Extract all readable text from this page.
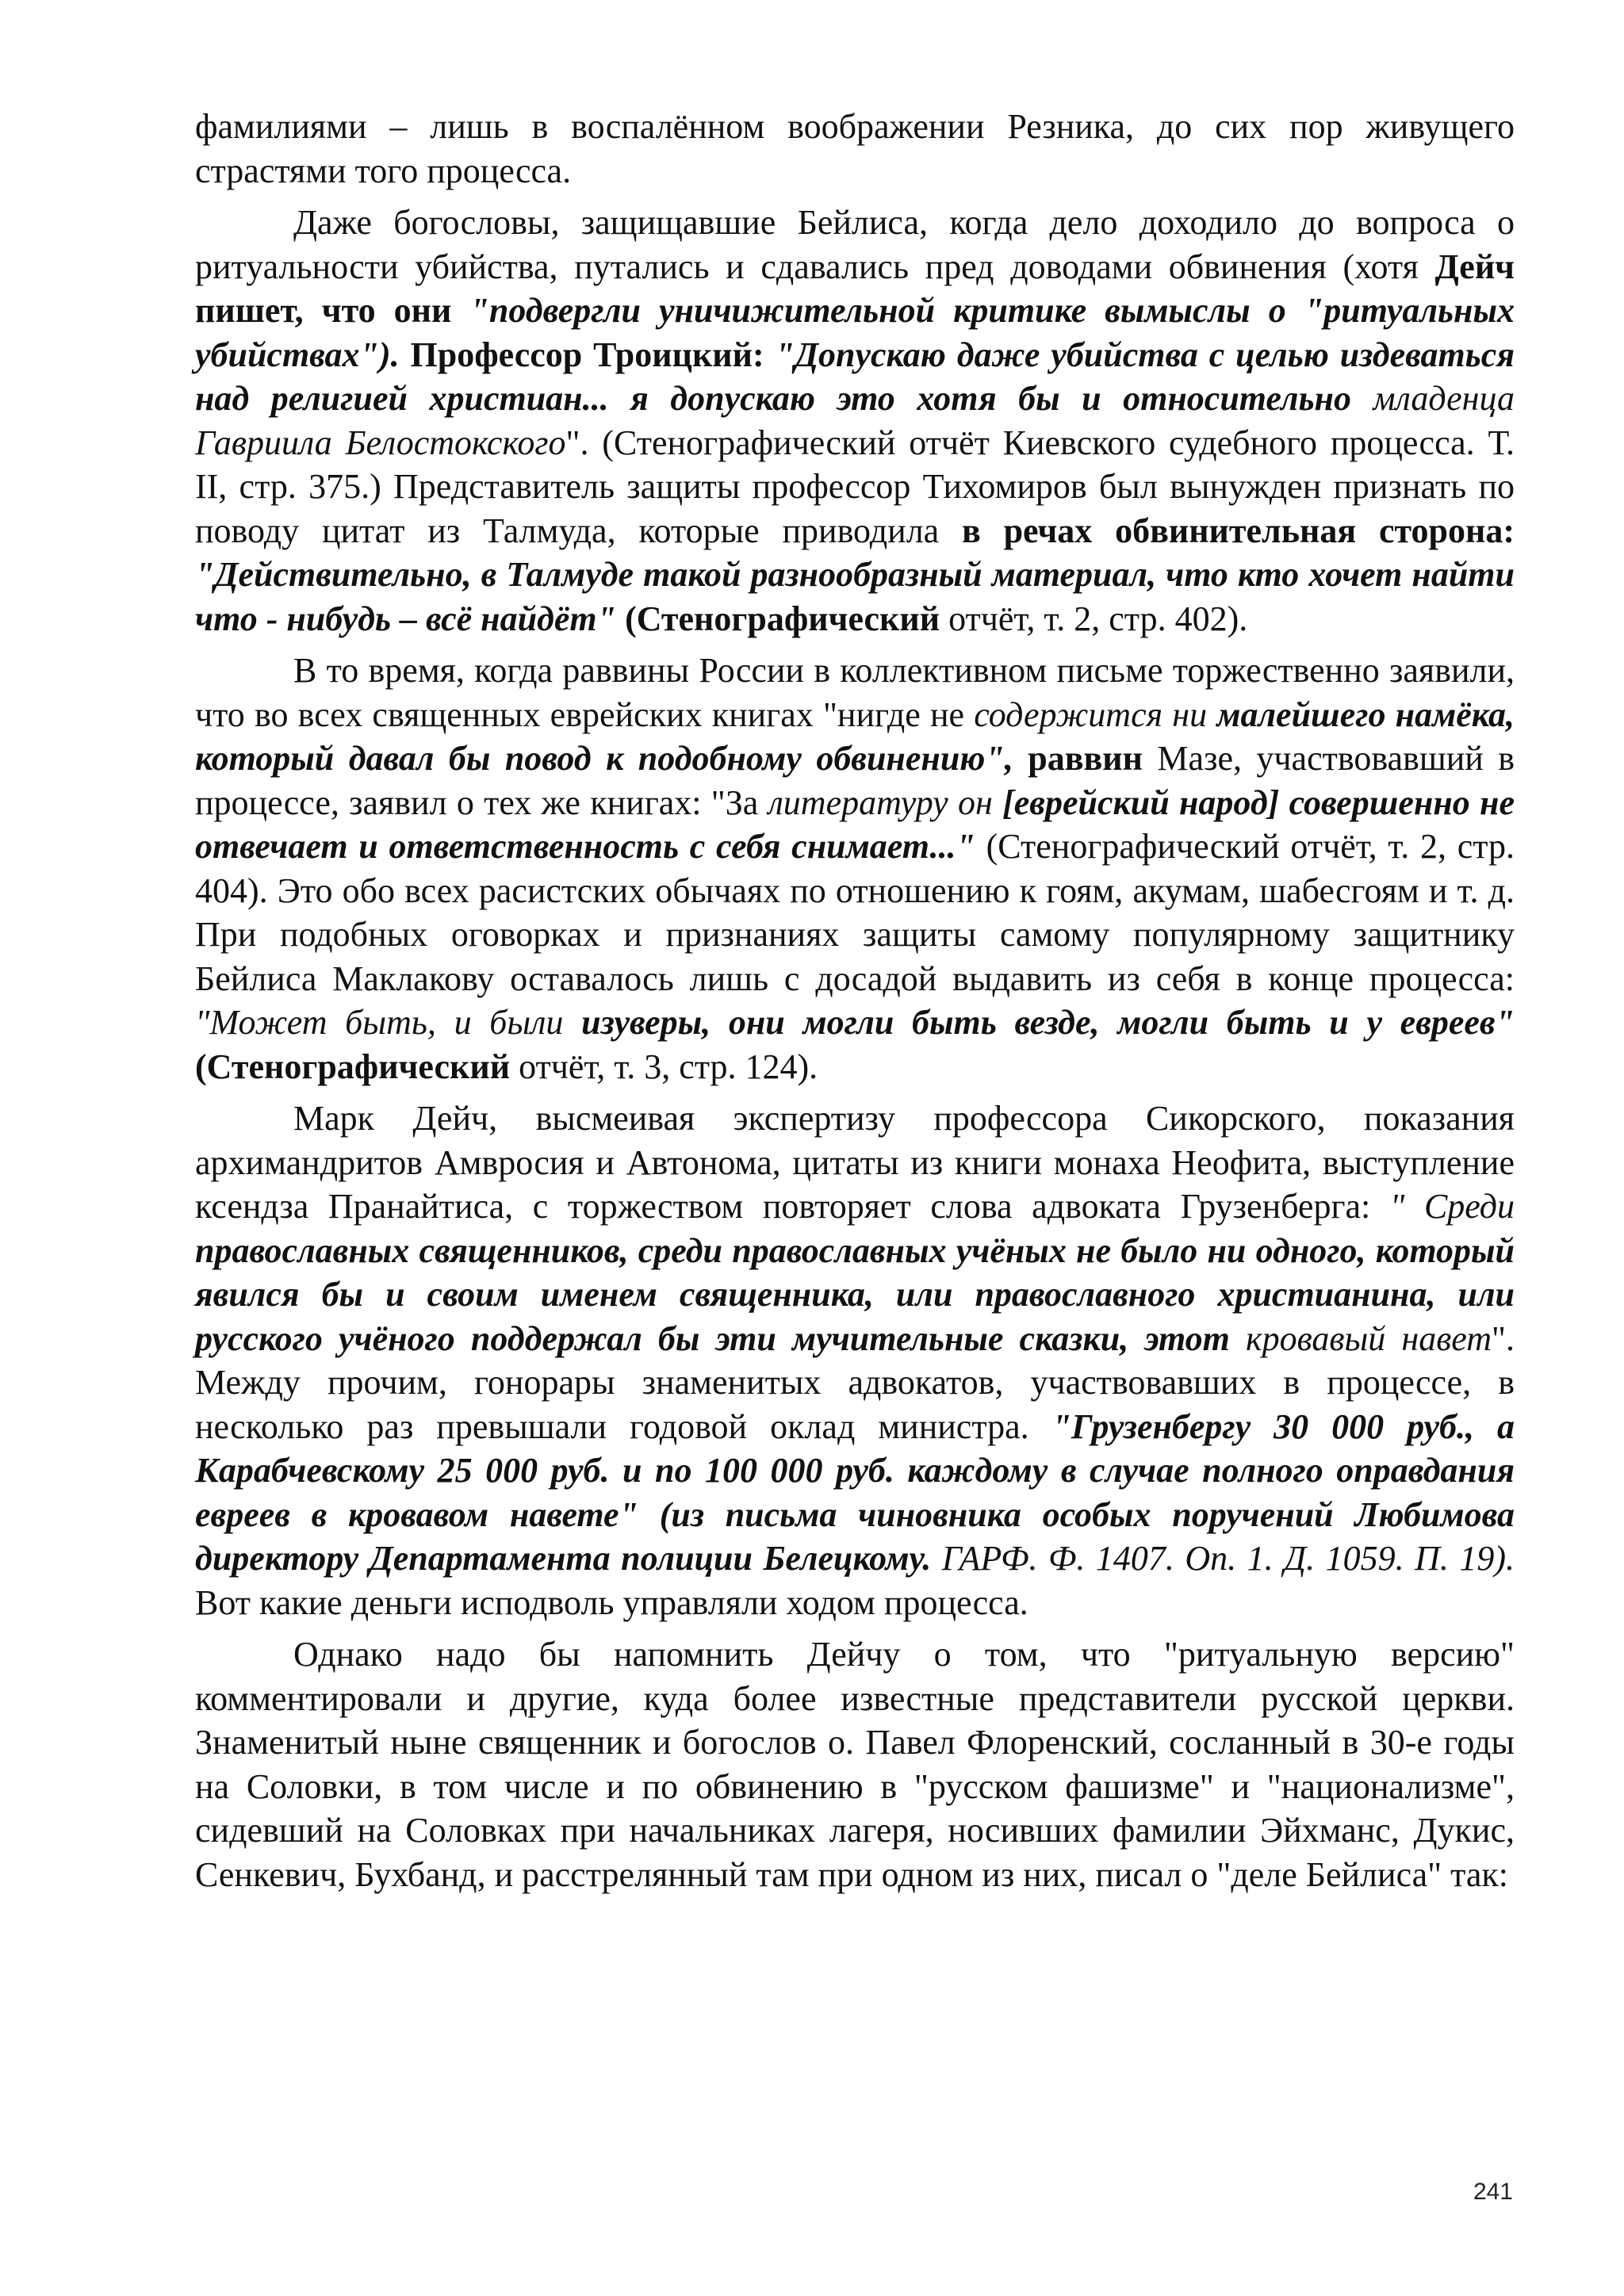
фамилиями – лишь в воспалённом воображении Резника, до сих пор живущего страстями того процесса.

Даже богословы, защищавшие Бейлиса, когда дело доходило до вопроса о ритуальности убийства, путались и сдавались пред доводами обвинения (хотя Дейч пишет, что они "подвергли уничижительной критике вымыслы о "ритуальных убийствах"). Профессор Троицкий: "Допускаю даже убийства с целью издеваться над религией христиан... я допускаю это хотя бы и относительно младенца Гавриила Белостокского". (Стенографический отчёт Киевского судебного процесса. Т. II, стр. 375.) Представитель защиты профессор Тихомиров был вынужден признать по поводу цитат из Талмуда, которые приводила в речах обвинительная сторона: "Действительно, в Талмуде такой разнообразный материал, что кто хочет найти что - нибудь – всё найдёт" (Стенографический отчёт, т. 2, стр. 402).

В то время, когда раввины России в коллективном письме торжественно заявили, что во всех священных еврейских книгах "нигде не содержится ни малейшего намёка, который давал бы повод к подобному обвинению", раввин Мазе, участвовавший в процессе, заявил о тех же книгах: "За литературу он [еврейский народ] совершенно не отвечает и ответственность с себя снимает..." (Стенографический отчёт, т. 2, стр. 404). Это обо всех расистских обычаях по отношению к гоям, акумам, шабесгоям и т. д. При подобных оговорках и признаниях защиты самому популярному защитнику Бейлиса Маклакову оставалось лишь с досадой выдавить из себя в конце процесса: "Может быть, и были изуверы, они могли быть везде, могли быть и у евреев" (Стенографический отчёт, т. 3, стр. 124).

Марк Дейч, высмеивая экспертизу профессора Сикорского, показания архимандритов Амвросия и Автонома, цитаты из книги монаха Неофита, выступление ксендза Пранайтиса, с торжеством повторяет слова адвоката Грузенберга: " Среди православных священников, среди православных учёных не было ни одного, который явился бы и своим именем священника, или православного христианина, или русского учёного поддержал бы эти мучительные сказки, этот кровавый навет". Между прочим, гонорары знаменитых адвокатов, участвовавших в процессе, в несколько раз превышали годовой оклад министра. "Грузенбергу 30 000 руб., а Карабчевскому 25 000 руб. и по 100 000 руб. каждому в случае полного оправдания евреев в кровавом навете" (из письма чиновника особых поручений Любимова директору Департамента полиции Белецкому. ГАРФ. Ф. 1407. Оп. 1. Д. 1059. П. 19). Вот какие деньги исподволь управляли ходом процесса.

Однако надо бы напомнить Дейчу о том, что "ритуальную версию" комментировали и другие, куда более известные представители русской церкви. Знаменитый ныне священник и богослов о. Павел Флоренский, сосланный в 30-е годы на Соловки, в том числе и по обвинению в "русском фашизме" и "национализме", сидевший на Соловках при начальниках лагеря, носивших фамилии Эйхманс, Дукис, Сенкевич, Бухбанд, и расстрелянный там при одном из них, писал о "деле Бейлиса" так:

241
